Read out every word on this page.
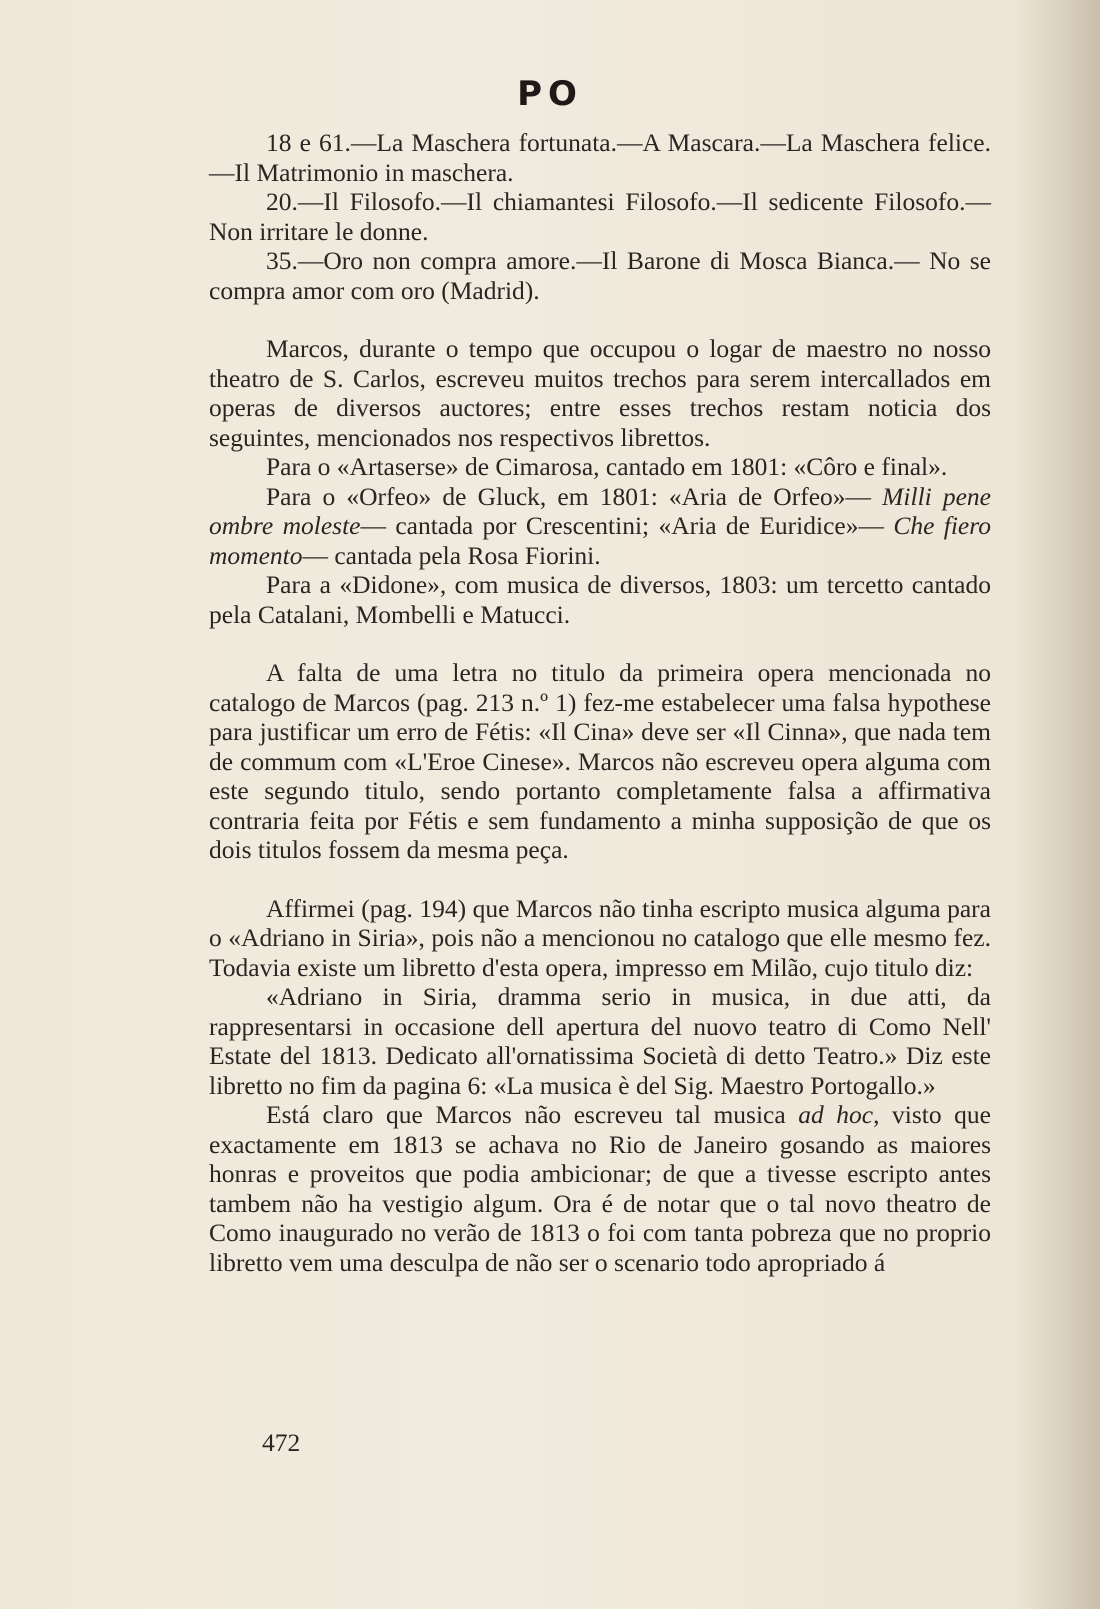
PO

18 e 61.—La Maschera fortunata.—A Mascara.—La Maschera felice.—Il Matrimonio in maschera.

20.—Il Filosofo.—Il chiamantesi Filosofo.—Il sedicente Filosofo.—Non irritare le donne.

35.—Oro non compra amore.—Il Barone di Mosca Bianca.— No se compra amor com oro (Madrid).

Marcos, durante o tempo que occupou o logar de maestro no nosso theatro de S. Carlos, escreveu muitos trechos para serem intercallados em operas de diversos auctores; entre esses trechos restam noticia dos seguintes, mencionados nos respectivos librettos.

Para o «Artaserse» de Cimarosa, cantado em 1801: «Côro e final».

Para o «Orfeo» de Gluck, em 1801: «Aria de Orfeo»— Milli pene ombre moleste— cantada por Crescentini; «Aria de Euridice»— Che fiero momento— cantada pela Rosa Fiorini.

Para a «Didone», com musica de diversos, 1803: um tercetto cantado pela Catalani, Mombelli e Matucci.

A falta de uma letra no titulo da primeira opera mencionada no catalogo de Marcos (pag. 213 n.º 1) fez-me estabelecer uma falsa hypothese para justificar um erro de Fétis: «Il Cina» deve ser «Il Cinna», que nada tem de commum com «L'Eroe Cinese». Marcos não escreveu opera alguma com este segundo titulo, sendo portanto completamente falsa a affirmativa contraria feita por Fétis e sem fundamento a minha supposição de que os dois titulos fossem da mesma peça.

Affirmei (pag. 194) que Marcos não tinha escripto musica alguma para o «Adriano in Siria», pois não a mencionou no catalogo que elle mesmo fez. Todavia existe um libretto d'esta opera, impresso em Milão, cujo titulo diz:

«Adriano in Siria, dramma serio in musica, in due atti, da rappresentarsi in occasione dell apertura del nuovo teatro di Como Nell' Estate del 1813. Dedicato all'ornatissima Società di detto Teatro.» Diz este libretto no fim da pagina 6: «La musica è del Sig. Maestro Portogallo.»

Está claro que Marcos não escreveu tal musica ad hoc, visto que exactamente em 1813 se achava no Rio de Janeiro gosando as maiores honras e proveitos que podia ambicionar; de que a tivesse escripto antes tambem não ha vestigio algum. Ora é de notar que o tal novo theatro de Como inaugurado no verão de 1813 o foi com tanta pobreza que no proprio libretto vem uma desculpa de não ser o scenario todo apropriado á

472
